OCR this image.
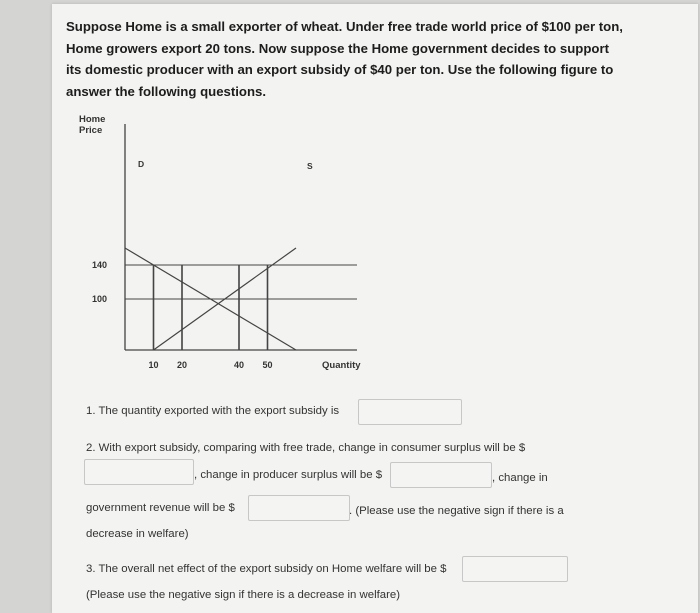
Suppose Home is a small exporter of wheat. Under free trade world price of $100 per ton, Home growers export 20 tons. Now suppose the Home government decides to support its domestic producer with an export subsidy of $40 per ton. Use the following figure to answer the following questions.
Home
Price
Quantity
140
100
10 20	40 50
D	S
1. The quantity exported with the export subsidy is
2. With export subsidy, comparing with free trade, change in consumer surplus will be $
, change in producer surplus will be $	, change in
government revenue will be $	. (Please use the negative sign if there is a
decrease in welfare)
3. The overall net effect of the export subsidy on Home welfare will be $
(Please use the negative sign if there is a decrease in welfare)
